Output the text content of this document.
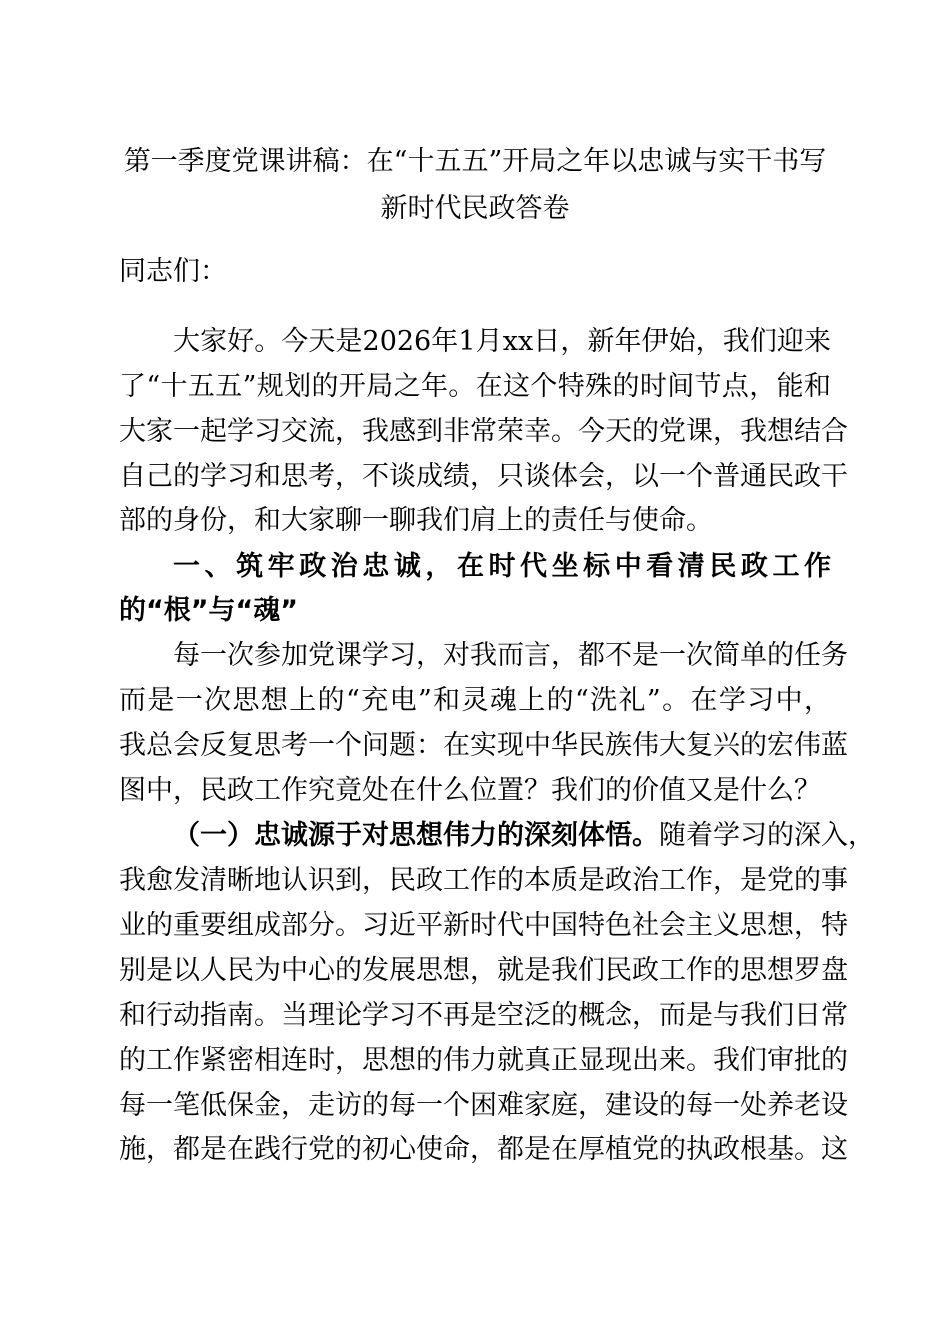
第一季度党课讲稿：在“十五五”开局之年以忠诚与实干书写
新时代民政答卷
同志们：
大家好。今天是2026年1月xx日，新年伊始，我们迎来
了“十五五”规划的开局之年。在这个特殊的时间节点，能和
大家一起学习交流，我感到非常荣幸。今天的党课，我想结合
自己的学习和思考，不谈成绩，只谈体会，以一个普通民政干
部的身份，和大家聊一聊我们肩上的责任与使命。
一、筑牢政治忠诚，在时代坐标中看清民政工作
的“根”与“魂”
每一次参加党课学习，对我而言，都不是一次简单的任务
而是一次思想上的“充电”和灵魂上的“洗礼”。在学习中，
我总会反复思考一个问题：在实现中华民族伟大复兴的宏伟蓝
图中，民政工作究竟处在什么位置？我们的价值又是什么？
（一）忠诚源于对思想伟力的深刻体悟。随着学习的深入，
我愈发清晰地认识到，民政工作的本质是政治工作，是党的事
业的重要组成部分。习近平新时代中国特色社会主义思想，特
别是以人民为中心的发展思想，就是我们民政工作的思想罗盘
和行动指南。当理论学习不再是空泛的概念，而是与我们日常
的工作紧密相连时，思想的伟力就真正显现出来。我们审批的
每一笔低保金，走访的每一个困难家庭，建设的每一处养老设
施，都是在践行党的初心使命，都是在厚植党的执政根基。这
